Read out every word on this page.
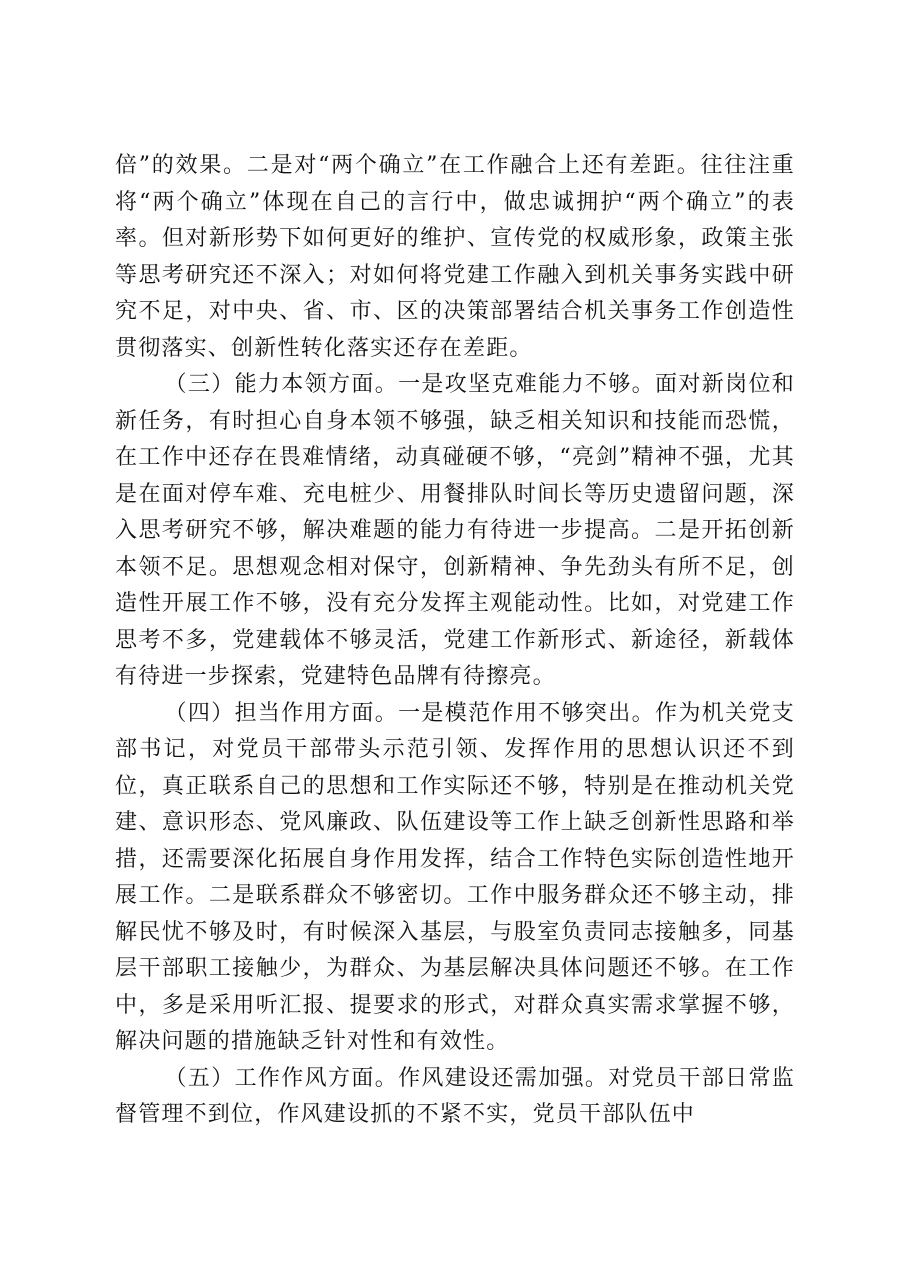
倍”的效果。二是对“两个确立”在工作融合上还有差距。往往注重将“两个确立”体现在自己的言行中，做忠诚拥护“两个确立”的表率。但对新形势下如何更好的维护、宣传党的权威形象，政策主张等思考研究还不深入；对如何将党建工作融入到机关事务实践中研究不足，对中央、省、市、区的决策部署结合机关事务工作创造性贯彻落实、创新性转化落实还存在差距。

（三）能力本领方面。一是攻坚克难能力不够。面对新岗位和新任务，有时担心自身本领不够强，缺乏相关知识和技能而恐慌，在工作中还存在畏难情绪，动真碰硬不够，“亮剑”精神不强，尤其是在面对停车难、充电桩少、用餐排队时间长等历史遗留问题，深入思考研究不够，解决难题的能力有待进一步提高。二是开拓创新本领不足。思想观念相对保守，创新精神、争先劲头有所不足，创造性开展工作不够，没有充分发挥主观能动性。比如，对党建工作思考不多，党建载体不够灵活，党建工作新形式、新途径，新载体有待进一步探索，党建特色品牌有待擦亮。

（四）担当作用方面。一是模范作用不够突出。作为机关党支部书记，对党员干部带头示范引领、发挥作用的思想认识还不到位，真正联系自己的思想和工作实际还不够，特别是在推动机关党建、意识形态、党风廉政、队伍建设等工作上缺乏创新性思路和举措，还需要深化拓展自身作用发挥，结合工作特色实际创造性地开展工作。二是联系群众不够密切。工作中服务群众还不够主动，排解民忧不够及时，有时候深入基层，与股室负责同志接触多，同基层干部职工接触少，为群众、为基层解决具体问题还不够。在工作中，多是采用听汇报、提要求的形式，对群众真实需求掌握不够，解决问题的措施缺乏针对性和有效性。

（五）工作作风方面。作风建设还需加强。对党员干部日常监督管理不到位，作风建设抓的不紧不实，党员干部队伍中
